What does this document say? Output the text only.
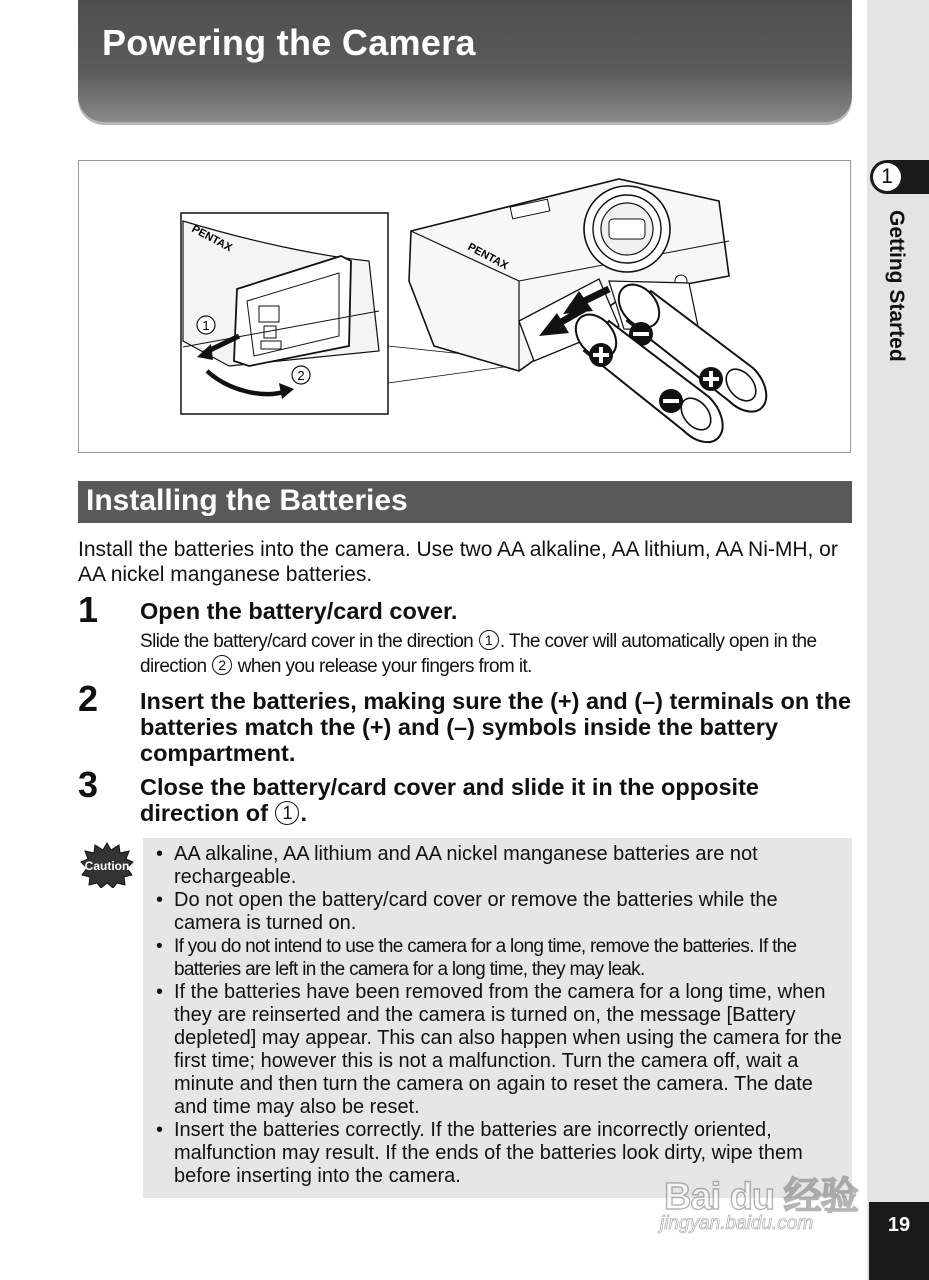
Powering the Camera
1
Getting Started
PENTAX
1
2
PENTAX
Installing the Batteries

Install the batteries into the camera. Use two AA alkaline, AA lithium, AA Ni-MH, or AA nickel manganese batteries.

1 Open the battery/card cover.

Slide the battery/card cover in the direction 1 . The cover will automatically open in the direction 2 when you release your fingers from it.

2 Insert the batteries, making sure the (+) and (–) terminals on the batteries match the (+) and (–) symbols inside the battery compartment.

3 Close the battery/card cover and slide it in the opposite direction of 1 .

Caution
• AA alkaline, AA lithium and AA nickel manganese batteries are not rechargeable.
• Do not open the battery/card cover or remove the batteries while the camera is turned on.
• If you do not intend to use the camera for a long time, remove the batteries. If the batteries are left in the camera for a long time, they may leak.
• If the batteries have been removed from the camera for a long time, when they are reinserted and the camera is turned on, the message [Battery depleted] may appear. This can also happen when using the camera for the first time; however this is not a malfunction. Turn the camera off, wait a minute and then turn the camera on again to reset the camera. The date and time may also be reset.
• Insert the batteries correctly. If the batteries are incorrectly oriented, malfunction may result. If the ends of the batteries look dirty, wipe them before inserting into the camera.	Bai du 经验
jingyan.baidu.com	19
